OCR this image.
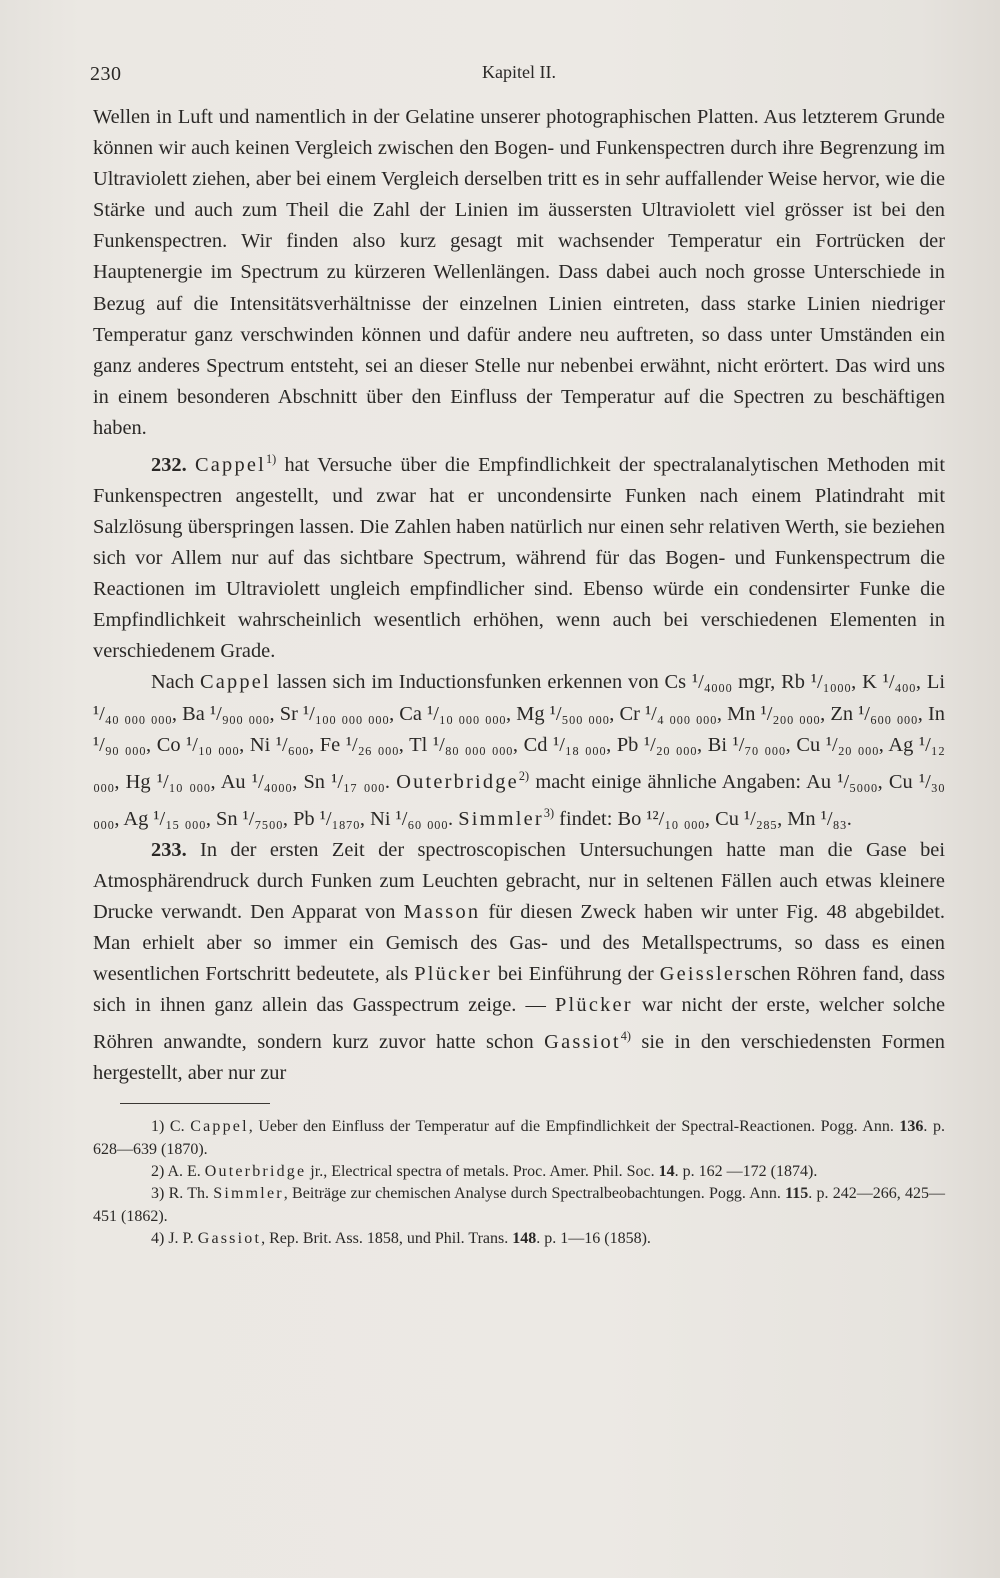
230	Kapitel II.

Wellen in Luft und namentlich in der Gelatine unserer photographischen Platten. Aus letzterem Grunde können wir auch keinen Vergleich zwischen den Bogen- und Funkenspectren durch ihre Begrenzung im Ultraviolett ziehen, aber bei einem Vergleich derselben tritt es in sehr auffallender Weise hervor, wie die Stärke und auch zum Theil die Zahl der Linien im äussersten Ultraviolett viel grösser ist bei den Funkenspectren. Wir finden also kurz gesagt mit wachsender Temperatur ein Fortrücken der Hauptenergie im Spectrum zu kürzeren Wellenlängen. Dass dabei auch noch grosse Unterschiede in Bezug auf die Intensitätsverhältnisse der einzelnen Linien eintreten, dass starke Linien niedriger Temperatur ganz verschwinden können und dafür andere neu auftreten, so dass unter Umständen ein ganz anderes Spectrum entsteht, sei an dieser Stelle nur nebenbei erwähnt, nicht erörtert. Das wird uns in einem besonderen Abschnitt über den Einfluss der Temperatur auf die Spectren zu beschäftigen haben.

232. Cappel$^{1)}$ hat Versuche über die Empfindlichkeit der spectralanalytischen Methoden mit Funkenspectren angestellt, und zwar hat er uncondensirte Funken nach einem Platindraht mit Salzlösung überspringen lassen. Die Zahlen haben natürlich nur einen sehr relativen Werth, sie beziehen sich vor Allem nur auf das sichtbare Spectrum, während für das Bogen- und Funkenspectrum die Reactionen im Ultraviolett ungleich empfindlicher sind. Ebenso würde ein condensirter Funke die Empfindlichkeit wahrscheinlich wesentlich erhöhen, wenn auch bei verschiedenen Elementen in verschiedenem Grade.

Nach Cappel lassen sich im Inductionsfunken erkennen von Cs ¹/₄₀₀₀ mgr, Rb ¹/₁₀₀₀, K ¹/₄₀₀, Li ¹/₄₀ ₀₀₀ ₀₀₀, Ba ¹/₉₀₀ ₀₀₀, Sr ¹/₁₀₀ ₀₀₀ ₀₀₀, Ca ¹/₁₀ ₀₀₀ ₀₀₀, Mg ¹/₅₀₀ ₀₀₀, Cr ¹/₄ ₀₀₀ ₀₀₀, Mn ¹/₂₀₀ ₀₀₀, Zn ¹/₆₀₀ ₀₀₀, In ¹/₉₀ ₀₀₀, Co ¹/₁₀ ₀₀₀, Ni ¹/₆₀₀, Fe ¹/₂₆ ₀₀₀, Tl ¹/₈₀ ₀₀₀ ₀₀₀, Cd ¹/₁₈ ₀₀₀, Pb ¹/₂₀ ₀₀₀, Bi ¹/₇₀ ₀₀₀, Cu ¹/₂₀ ₀₀₀, Ag ¹/₁₂ ₀₀₀, Hg ¹/₁₀ ₀₀₀, Au ¹/₄₀₀₀, Sn ¹/₁₇ ₀₀₀. Outerbridge$^{2)}$ macht einige ähnliche Angaben: Au ¹/₅₀₀₀, Cu ¹/₃₀ ₀₀₀, Ag ¹/₁₅ ₀₀₀, Sn ¹/₇₅₀₀, Pb ¹/₁₈₇₀, Ni ¹/₆₀ ₀₀₀. Simmler$^{3)}$ findet: Bo ¹²/₁₀ ₀₀₀, Cu ¹/₂₈₅, Mn ¹/₈₃.

233. In der ersten Zeit der spectroscopischen Untersuchungen hatte man die Gase bei Atmosphärendruck durch Funken zum Leuchten gebracht, nur in seltenen Fällen auch etwas kleinere Drucke verwandt. Den Apparat von Masson für diesen Zweck haben wir unter Fig. 48 abgebildet. Man erhielt aber so immer ein Gemisch des Gas- und des Metallspectrums, so dass es einen wesentlichen Fortschritt bedeutete, als Plücker bei Einführung der Geisslerschen Röhren fand, dass sich in ihnen ganz allein das Gasspectrum zeige. — Plücker war nicht der erste, welcher solche Röhren anwandte, sondern kurz zuvor hatte schon Gassiot$^{4)}$ sie in den verschiedensten Formen hergestellt, aber nur zur

1) C. Cappel, Ueber den Einfluss der Temperatur auf die Empfindlichkeit der Spectral-Reactionen. Pogg. Ann. 136. p. 628—639 (1870).

2) A. E. Outerbridge jr., Electrical spectra of metals. Proc. Amer. Phil. Soc. 14. p. 162 —172 (1874).

3) R. Th. Simmler, Beiträge zur chemischen Analyse durch Spectralbeobachtungen. Pogg. Ann. 115. p. 242—266, 425—451 (1862).

4) J. P. Gassiot, Rep. Brit. Ass. 1858, und Phil. Trans. 148. p. 1—16 (1858).
